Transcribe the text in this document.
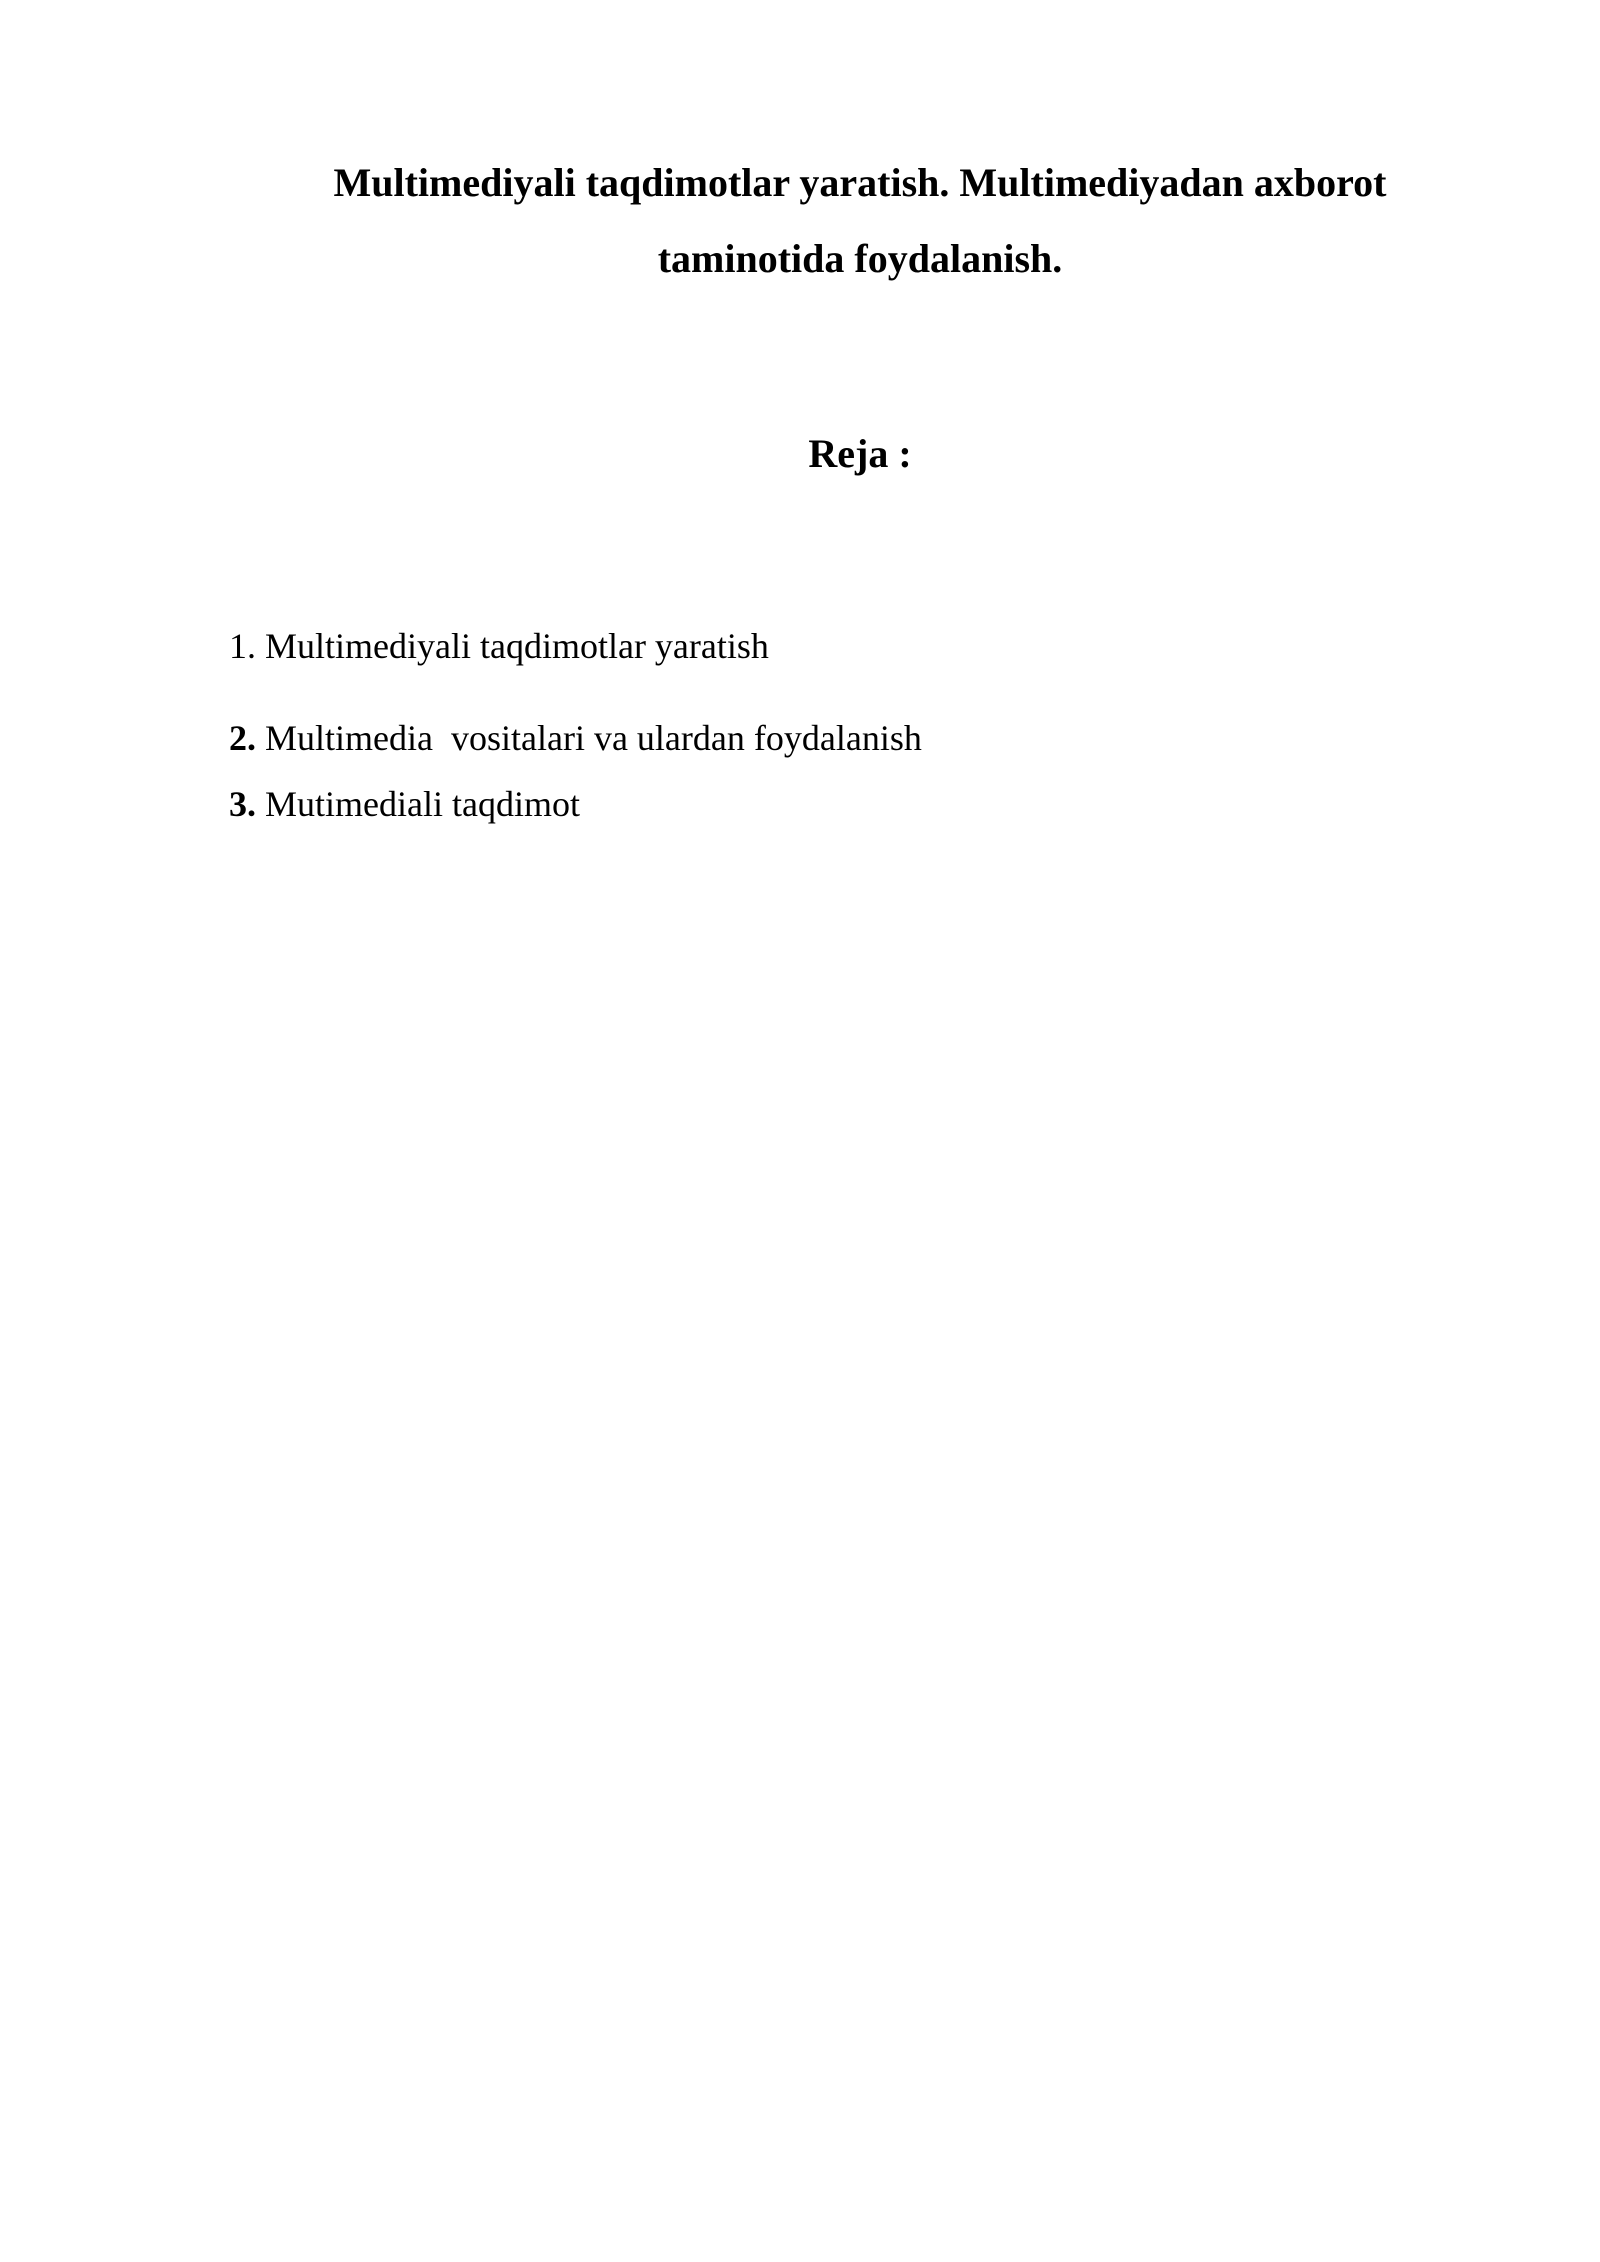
Multimediyali taqdimotlar yaratish. Multimediyadan axborot
taminotida foydalanish.
Reja :
1. Multimediyali taqdimotlar yaratish
2. Multimedia  vositalari va ulardan foydalanish
3. Mutimediali taqdimot
